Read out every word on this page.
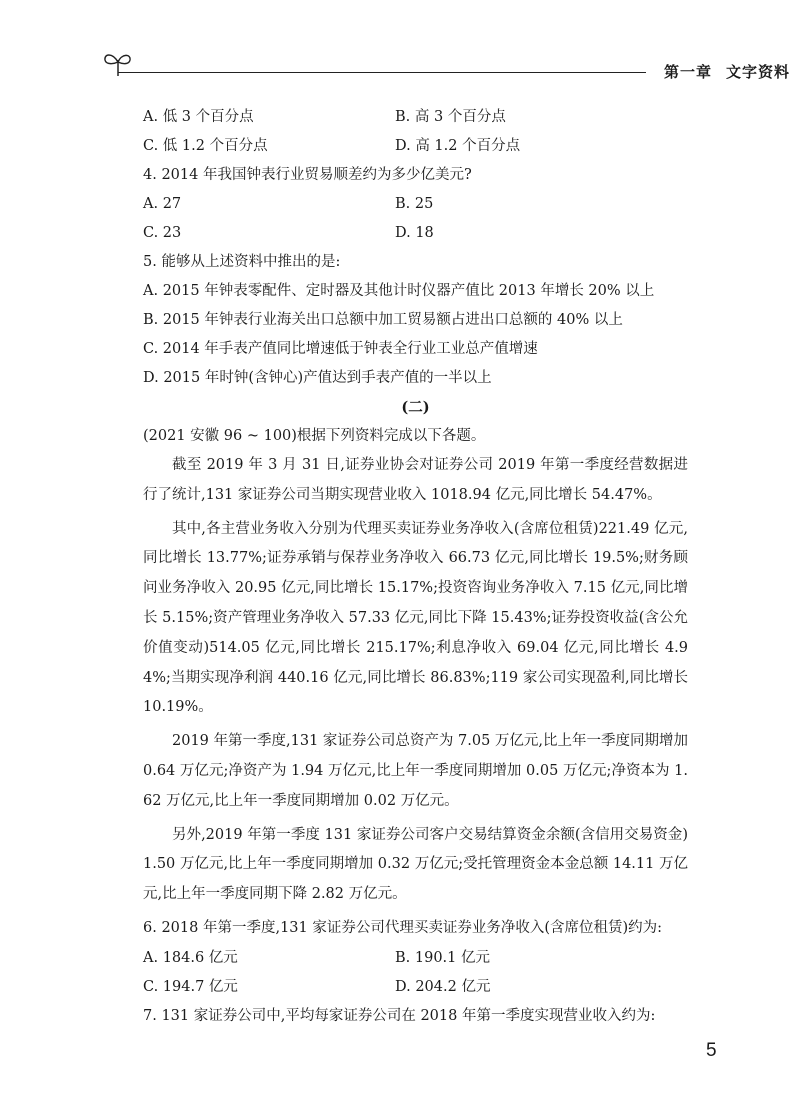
第一章 文字资料
A. 低 3 个百分点	B. 高 3 个百分点
C. 低 1.2 个百分点	D. 高 1.2 个百分点
4. 2014 年我国钟表行业贸易顺差约为多少亿美元?
A. 27	B. 25
C. 23	D. 18
5. 能够从上述资料中推出的是:
A. 2015 年钟表零配件、定时器及其他计时仪器产值比 2013 年增长 20% 以上
B. 2015 年钟表行业海关出口总额中加工贸易额占进出口总额的 40% 以上
C. 2014 年手表产值同比增速低于钟表全行业工业总产值增速
D. 2015 年时钟(含钟心)产值达到手表产值的一半以上
(二)
(2021 安徽 96 ~ 100)根据下列资料完成以下各题。

截至 2019 年 3 月 31 日,证券业协会对证券公司 2019 年第一季度经营数据进行了统计,131 家证券公司当期实现营业收入 1018.94 亿元,同比增长 54.47%。

其中,各主营业务收入分别为代理买卖证券业务净收入(含席位租赁)221.49 亿元,同比增长 13.77%;证券承销与保荐业务净收入 66.73 亿元,同比增长 19.5%;财务顾问业务净收入 20.95 亿元,同比增长 15.17%;投资咨询业务净收入 7.15 亿元,同比增长 5.15%;资产管理业务净收入 57.33 亿元,同比下降 15.43%;证券投资收益(含公允价值变动)514.05 亿元,同比增长 215.17%;利息净收入 69.04 亿元,同比增长 4.94%;当期实现净利润 440.16 亿元,同比增长 86.83%;119 家公司实现盈利,同比增长 10.19%。

2019 年第一季度,131 家证券公司总资产为 7.05 万亿元,比上年一季度同期增加 0.64 万亿元;净资产为 1.94 万亿元,比上年一季度同期增加 0.05 万亿元;净资本为 1.62 万亿元,比上年一季度同期增加 0.02 万亿元。

另外,2019 年第一季度 131 家证券公司客户交易结算资金余额(含信用交易资金)1.50 万亿元,比上年一季度同期增加 0.32 万亿元;受托管理资金本金总额 14.11 万亿元,比上年一季度同期下降 2.82 万亿元。

6. 2018 年第一季度,131 家证券公司代理买卖证券业务净收入(含席位租赁)约为:

A. 184.6 亿元	B. 190.1 亿元
C. 194.7 亿元	D. 204.2 亿元
7. 131 家证券公司中,平均每家证券公司在 2018 年第一季度实现营业收入约为:
5
